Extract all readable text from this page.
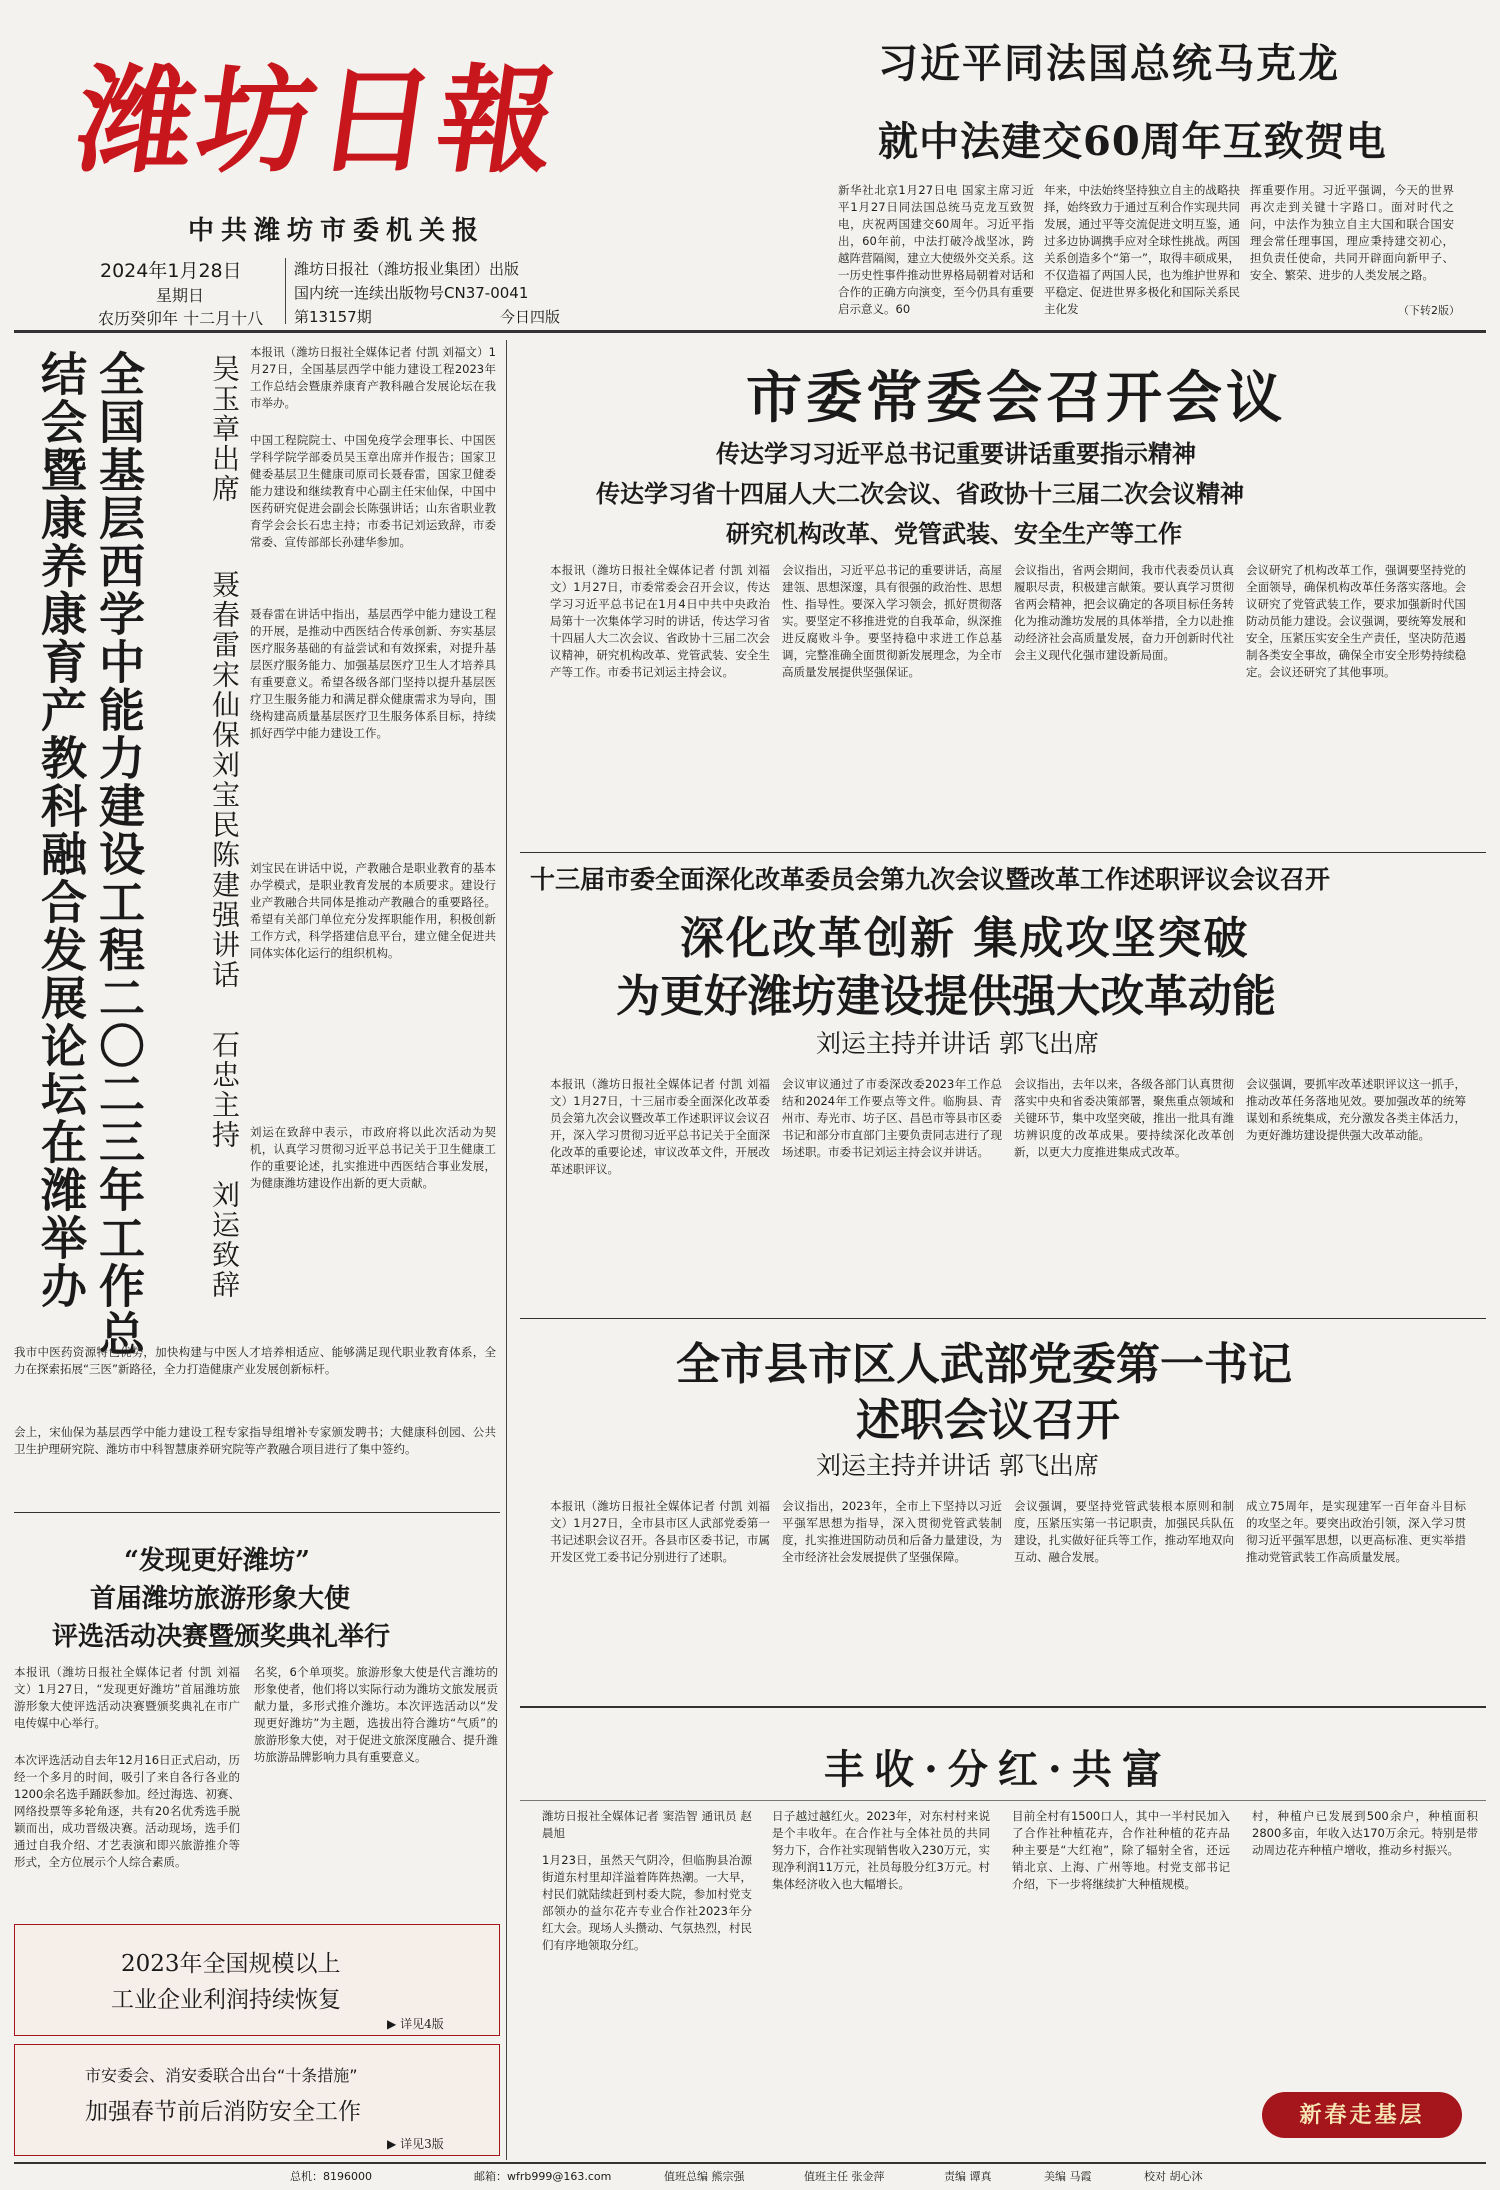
潍坊日報
中共潍坊市委机关报
2024年1月28日
星期日
农历癸卯年 十二月十八
潍坊日报社（潍坊报业集团）出版
国内统一连续出版物号CN37-0041
第13157期	今日四版
习近平同法国总统马克龙
就中法建交60周年互致贺电
新华社北京1月27日电 国家主席习近平1月27日同法国总统马克龙互致贺电，庆祝两国建交60周年。习近平指出，60年前，中法打破冷战坚冰，跨越阵营隔阂，建立大使级外交关系。这一历史性事件推动世界格局朝着对话和合作的正确方向演变，至今仍具有重要启示意义。60
年来，中法始终坚持独立自主的战略抉择，始终致力于通过互利合作实现共同发展，通过平等交流促进文明互鉴，通过多边协调携手应对全球性挑战。两国关系创造多个“第一”，取得丰硕成果，不仅造福了两国人民，也为维护世界和平稳定、促进世界多极化和国际关系民主化发
挥重要作用。习近平强调，今天的世界再次走到关键十字路口。面对时代之问，中法作为独立自主大国和联合国安理会常任理事国，理应秉持建交初心，担负责任使命，共同开辟面向新甲子、安全、繁荣、进步的人类发展之路。
（下转2版）
全国基层西学中能力建设工程二〇二三年工作总结会暨康养康育产教科融合发展论坛在潍举办	吴玉章出席
聂春雷宋仙保刘宝民陈建强讲话
石忠主持
刘运致辞
本报讯（潍坊日报社全媒体记者 付凯 刘福文）1月27日，全国基层西学中能力建设工程2023年工作总结会暨康养康育产教科融合发展论坛在我市举办。
中国工程院院士、中国免疫学会理事长、中国医学科学院学部委员吴玉章出席并作报告；国家卫健委基层卫生健康司原司长聂春雷，国家卫健委能力建设和继续教育中心副主任宋仙保，中国中医药研究促进会副会长陈强讲话；山东省职业教育学会会长石忠主持；市委书记刘运致辞，市委常委、宣传部部长孙建华参加。
聂春雷在讲话中指出，基层西学中能力建设工程的开展，是推动中西医结合传承创新、夯实基层医疗服务基础的有益尝试和有效探索，对提升基层医疗服务能力、加强基层医疗卫生人才培养具有重要意义。希望各级各部门坚持以提升基层医疗卫生服务能力和满足群众健康需求为导向，围绕构建高质量基层医疗卫生服务体系目标，持续抓好西学中能力建设工作。
刘宝民在讲话中说，产教融合是职业教育的基本办学模式，是职业教育发展的本质要求。建设行业产教融合共同体是推动产教融合的重要路径。希望有关部门单位充分发挥职能作用，积极创新工作方式，科学搭建信息平台，建立健全促进共同体实体化运行的组织机构。
刘运在致辞中表示，市政府将以此次活动为契机，认真学习贯彻习近平总书记关于卫生健康工作的重要论述，扎实推进中西医结合事业发展，为健康潍坊建设作出新的更大贡献。
我市中医药资源特色优势，加快构建与中医人才培养相适应、能够满足现代职业教育体系，全力在探索拓展“三医”新路径，全力打造健康产业发展创新标杆。
会上，宋仙保为基层西学中能力建设工程专家指导组增补专家颁发聘书；大健康科创园、公共卫生护理研究院、潍坊市中科智慧康养研究院等产教融合项目进行了集中签约。
“发现更好潍坊”
首届潍坊旅游形象大使
评选活动决赛暨颁奖典礼举行
本报讯（潍坊日报社全媒体记者 付凯 刘福文）1月27日，“发现更好潍坊”首届潍坊旅游形象大使评选活动决赛暨颁奖典礼在市广电传媒中心举行。
本次评选活动自去年12月16日正式启动，历经一个多月的时间，吸引了来自各行各业的1200余名选手踊跃参加。经过海选、初赛、网络投票等多轮角逐，共有20名优秀选手脱颖而出，成功晋级决赛。活动现场，选手们通过自我介绍、才艺表演和即兴旅游推介等形式，全方位展示个人综合素质。
名奖，6个单项奖。旅游形象大使是代言潍坊的形象使者，他们将以实际行动为潍坊文旅发展贡献力量，多形式推介潍坊。本次评选活动以“发现更好潍坊”为主题，选拔出符合潍坊“气质”的旅游形象大使，对于促进文旅深度融合、提升潍坊旅游品牌影响力具有重要意义。
2023年全国规模以上
工业企业利润持续恢复
▶ 详见4版
市安委会、消安委联合出台“十条措施”
加强春节前后消防安全工作
▶ 详见3版
市委常委会召开会议
传达学习习近平总书记重要讲话重要指示精神
传达学习省十四届人大二次会议、省政协十三届二次会议精神
研究机构改革、党管武装、安全生产等工作
本报讯（潍坊日报社全媒体记者 付凯 刘福文）1月27日，市委常委会召开会议，传达学习习近平总书记在1月4日中共中央政治局第十一次集体学习时的讲话，传达学习省十四届人大二次会议、省政协十三届二次会议精神，研究机构改革、党管武装、安全生产等工作。市委书记刘运主持会议。
会议指出，习近平总书记的重要讲话，高屋建瓴、思想深邃，具有很强的政治性、思想性、指导性。要深入学习领会，抓好贯彻落实。要坚定不移推进党的自我革命，纵深推进反腐败斗争。要坚持稳中求进工作总基调，完整准确全面贯彻新发展理念，为全市高质量发展提供坚强保证。
会议指出，省两会期间，我市代表委员认真履职尽责，积极建言献策。要认真学习贯彻省两会精神，把会议确定的各项目标任务转化为推动潍坊发展的具体举措，全力以赴推动经济社会高质量发展，奋力开创新时代社会主义现代化强市建设新局面。
会议研究了机构改革工作，强调要坚持党的全面领导，确保机构改革任务落实落地。会议研究了党管武装工作，要求加强新时代国防动员能力建设。会议强调，要统筹发展和安全，压紧压实安全生产责任，坚决防范遏制各类安全事故，确保全市安全形势持续稳定。会议还研究了其他事项。
十三届市委全面深化改革委员会第九次会议暨改革工作述职评议会议召开
深化改革创新 集成攻坚突破
为更好潍坊建设提供强大改革动能
刘运主持并讲话 郭飞出席
本报讯（潍坊日报社全媒体记者 付凯 刘福文）1月27日，十三届市委全面深化改革委员会第九次会议暨改革工作述职评议会议召开，深入学习贯彻习近平总书记关于全面深化改革的重要论述，审议改革文件，开展改革述职评议。
会议审议通过了市委深改委2023年工作总结和2024年工作要点等文件。临朐县、青州市、寿光市、坊子区、昌邑市等县市区委书记和部分市直部门主要负责同志进行了现场述职。市委书记刘运主持会议并讲话。
会议指出，去年以来，各级各部门认真贯彻落实中央和省委决策部署，聚焦重点领域和关键环节，集中攻坚突破，推出一批具有潍坊辨识度的改革成果。要持续深化改革创新，以更大力度推进集成式改革。
会议强调，要抓牢改革述职评议这一抓手，推动改革任务落地见效。要加强改革的统筹谋划和系统集成，充分激发各类主体活力，为更好潍坊建设提供强大改革动能。
全市县市区人武部党委第一书记
述职会议召开
刘运主持并讲话 郭飞出席
本报讯（潍坊日报社全媒体记者 付凯 刘福文）1月27日，全市县市区人武部党委第一书记述职会议召开。各县市区委书记，市属开发区党工委书记分别进行了述职。
会议指出，2023年，全市上下坚持以习近平强军思想为指导，深入贯彻党管武装制度，扎实推进国防动员和后备力量建设，为全市经济社会发展提供了坚强保障。
会议强调，要坚持党管武装根本原则和制度，压紧压实第一书记职责，加强民兵队伍建设，扎实做好征兵等工作，推动军地双向互动、融合发展。
成立75周年，是实现建军一百年奋斗目标的攻坚之年。要突出政治引领，深入学习贯彻习近平强军思想，以更高标准、更实举措推动党管武装工作高质量发展。
丰收·分红·共富
潍坊日报社全媒体记者 窦浩智 通讯员 赵晨旭
1月23日，虽然天气阴冷，但临朐县冶源街道东村里却洋溢着阵阵热潮。一大早，村民们就陆续赶到村委大院，参加村党支部领办的益尔花卉专业合作社2023年分红大会。现场人头攒动、气氛热烈，村民们有序地领取分红。
日子越过越红火。2023年，对东村村来说是个丰收年。在合作社与全体社员的共同努力下，合作社实现销售收入230万元，实现净利润11万元，社员每股分红3万元。村集体经济收入也大幅增长。
目前全村有1500口人，其中一半村民加入了合作社种植花卉，合作社种植的花卉品种主要是“大红袍”，除了辐射全省，还远销北京、上海、广州等地。村党支部书记介绍，下一步将继续扩大种植规模。
村，种植户已发展到500余户，种植面积2800多亩，年收入达170万余元。特别是带动周边花卉种植户增收，推动乡村振兴。
新春走基层
总机：8196000	邮箱：wfrb999@163.com	值班总编 熊宗强	值班主任 张金萍	责编 谭真	美编 马霞	校对 胡心沐
